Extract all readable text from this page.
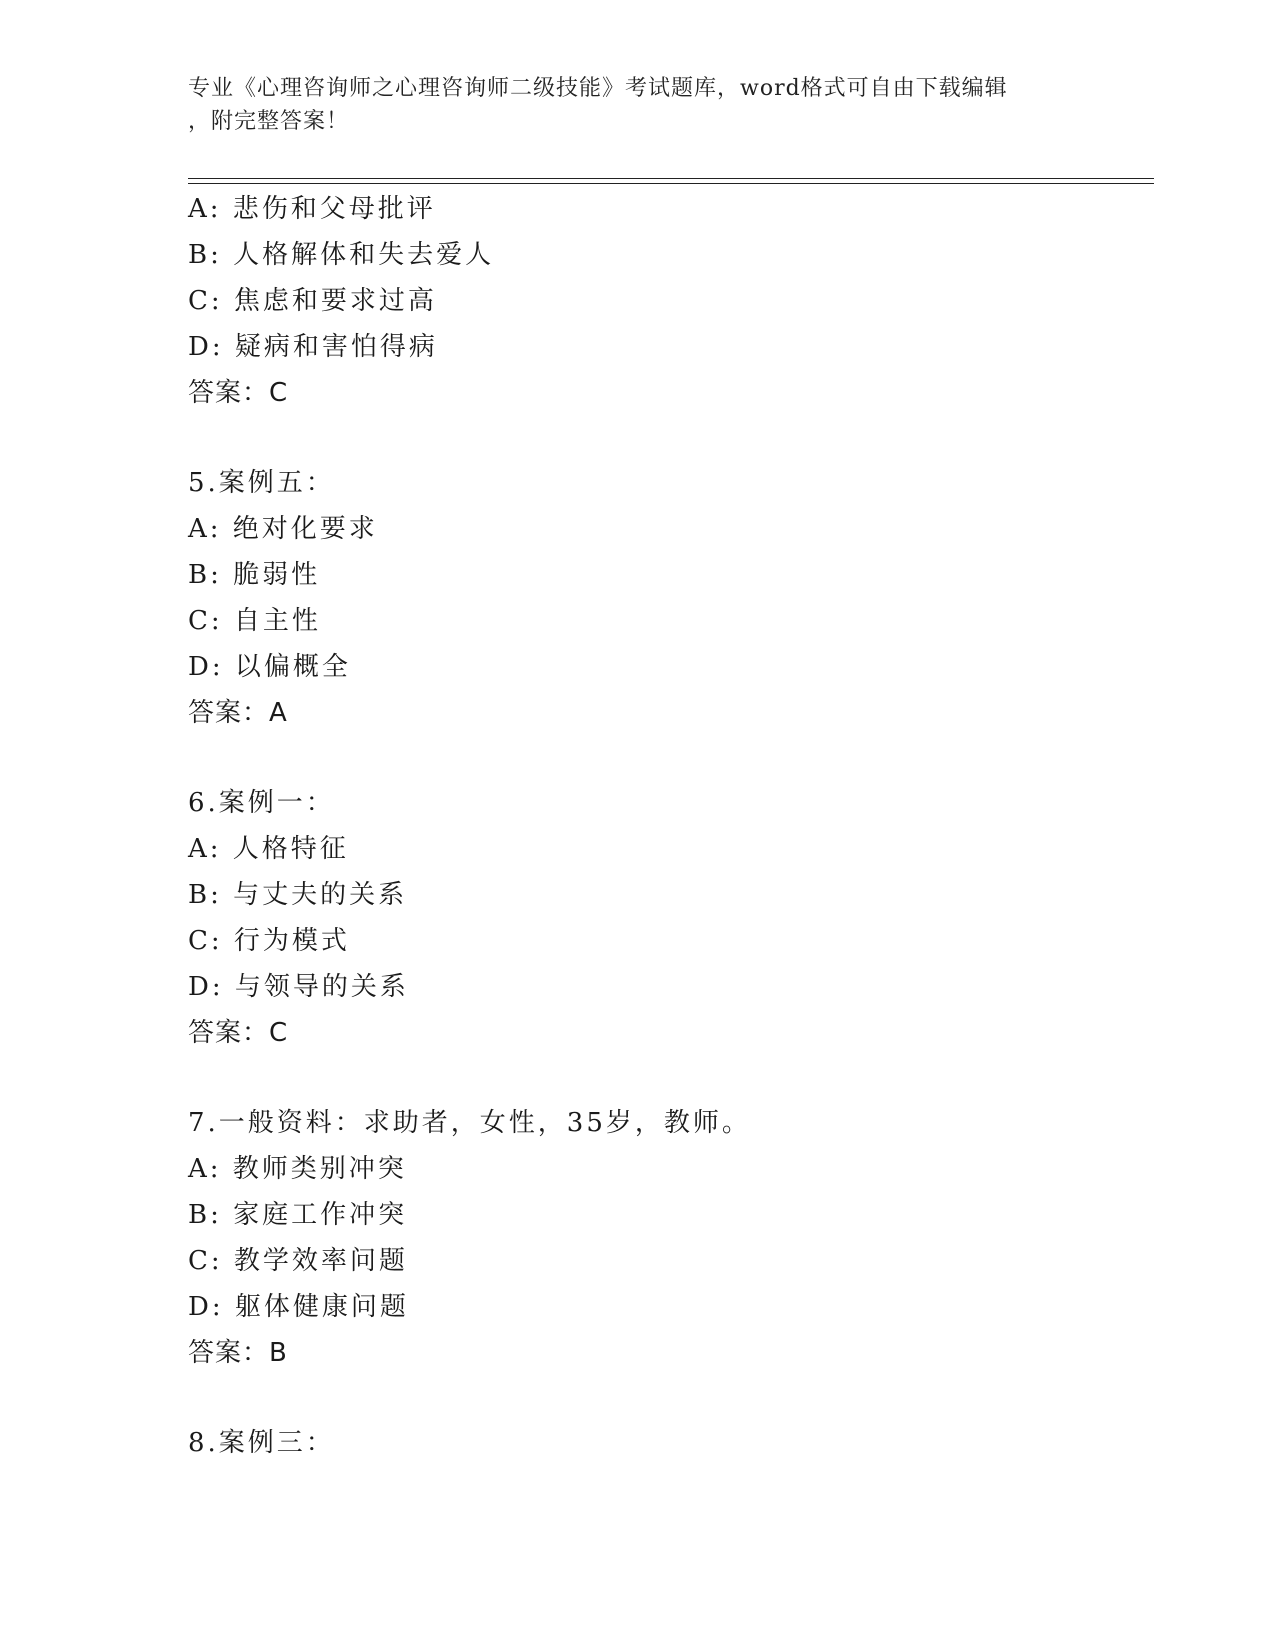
专业《心理咨询师之心理咨询师二级技能》考试题库，word格式可自由下载编辑
，附完整答案！
A: 悲伤和父母批评
B: 人格解体和失去爱人
C: 焦虑和要求过高
D: 疑病和害怕得病
答案：C
5.案例五：
A: 绝对化要求
B: 脆弱性
C: 自主性
D: 以偏概全
答案：A
6.案例一：
A: 人格特征
B: 与丈夫的关系
C: 行为模式
D: 与领导的关系
答案：C
7.一般资料：求助者，女性，35岁，教师。
A: 教师类别冲突
B: 家庭工作冲突
C: 教学效率问题
D: 躯体健康问题
答案：B
8.案例三：
